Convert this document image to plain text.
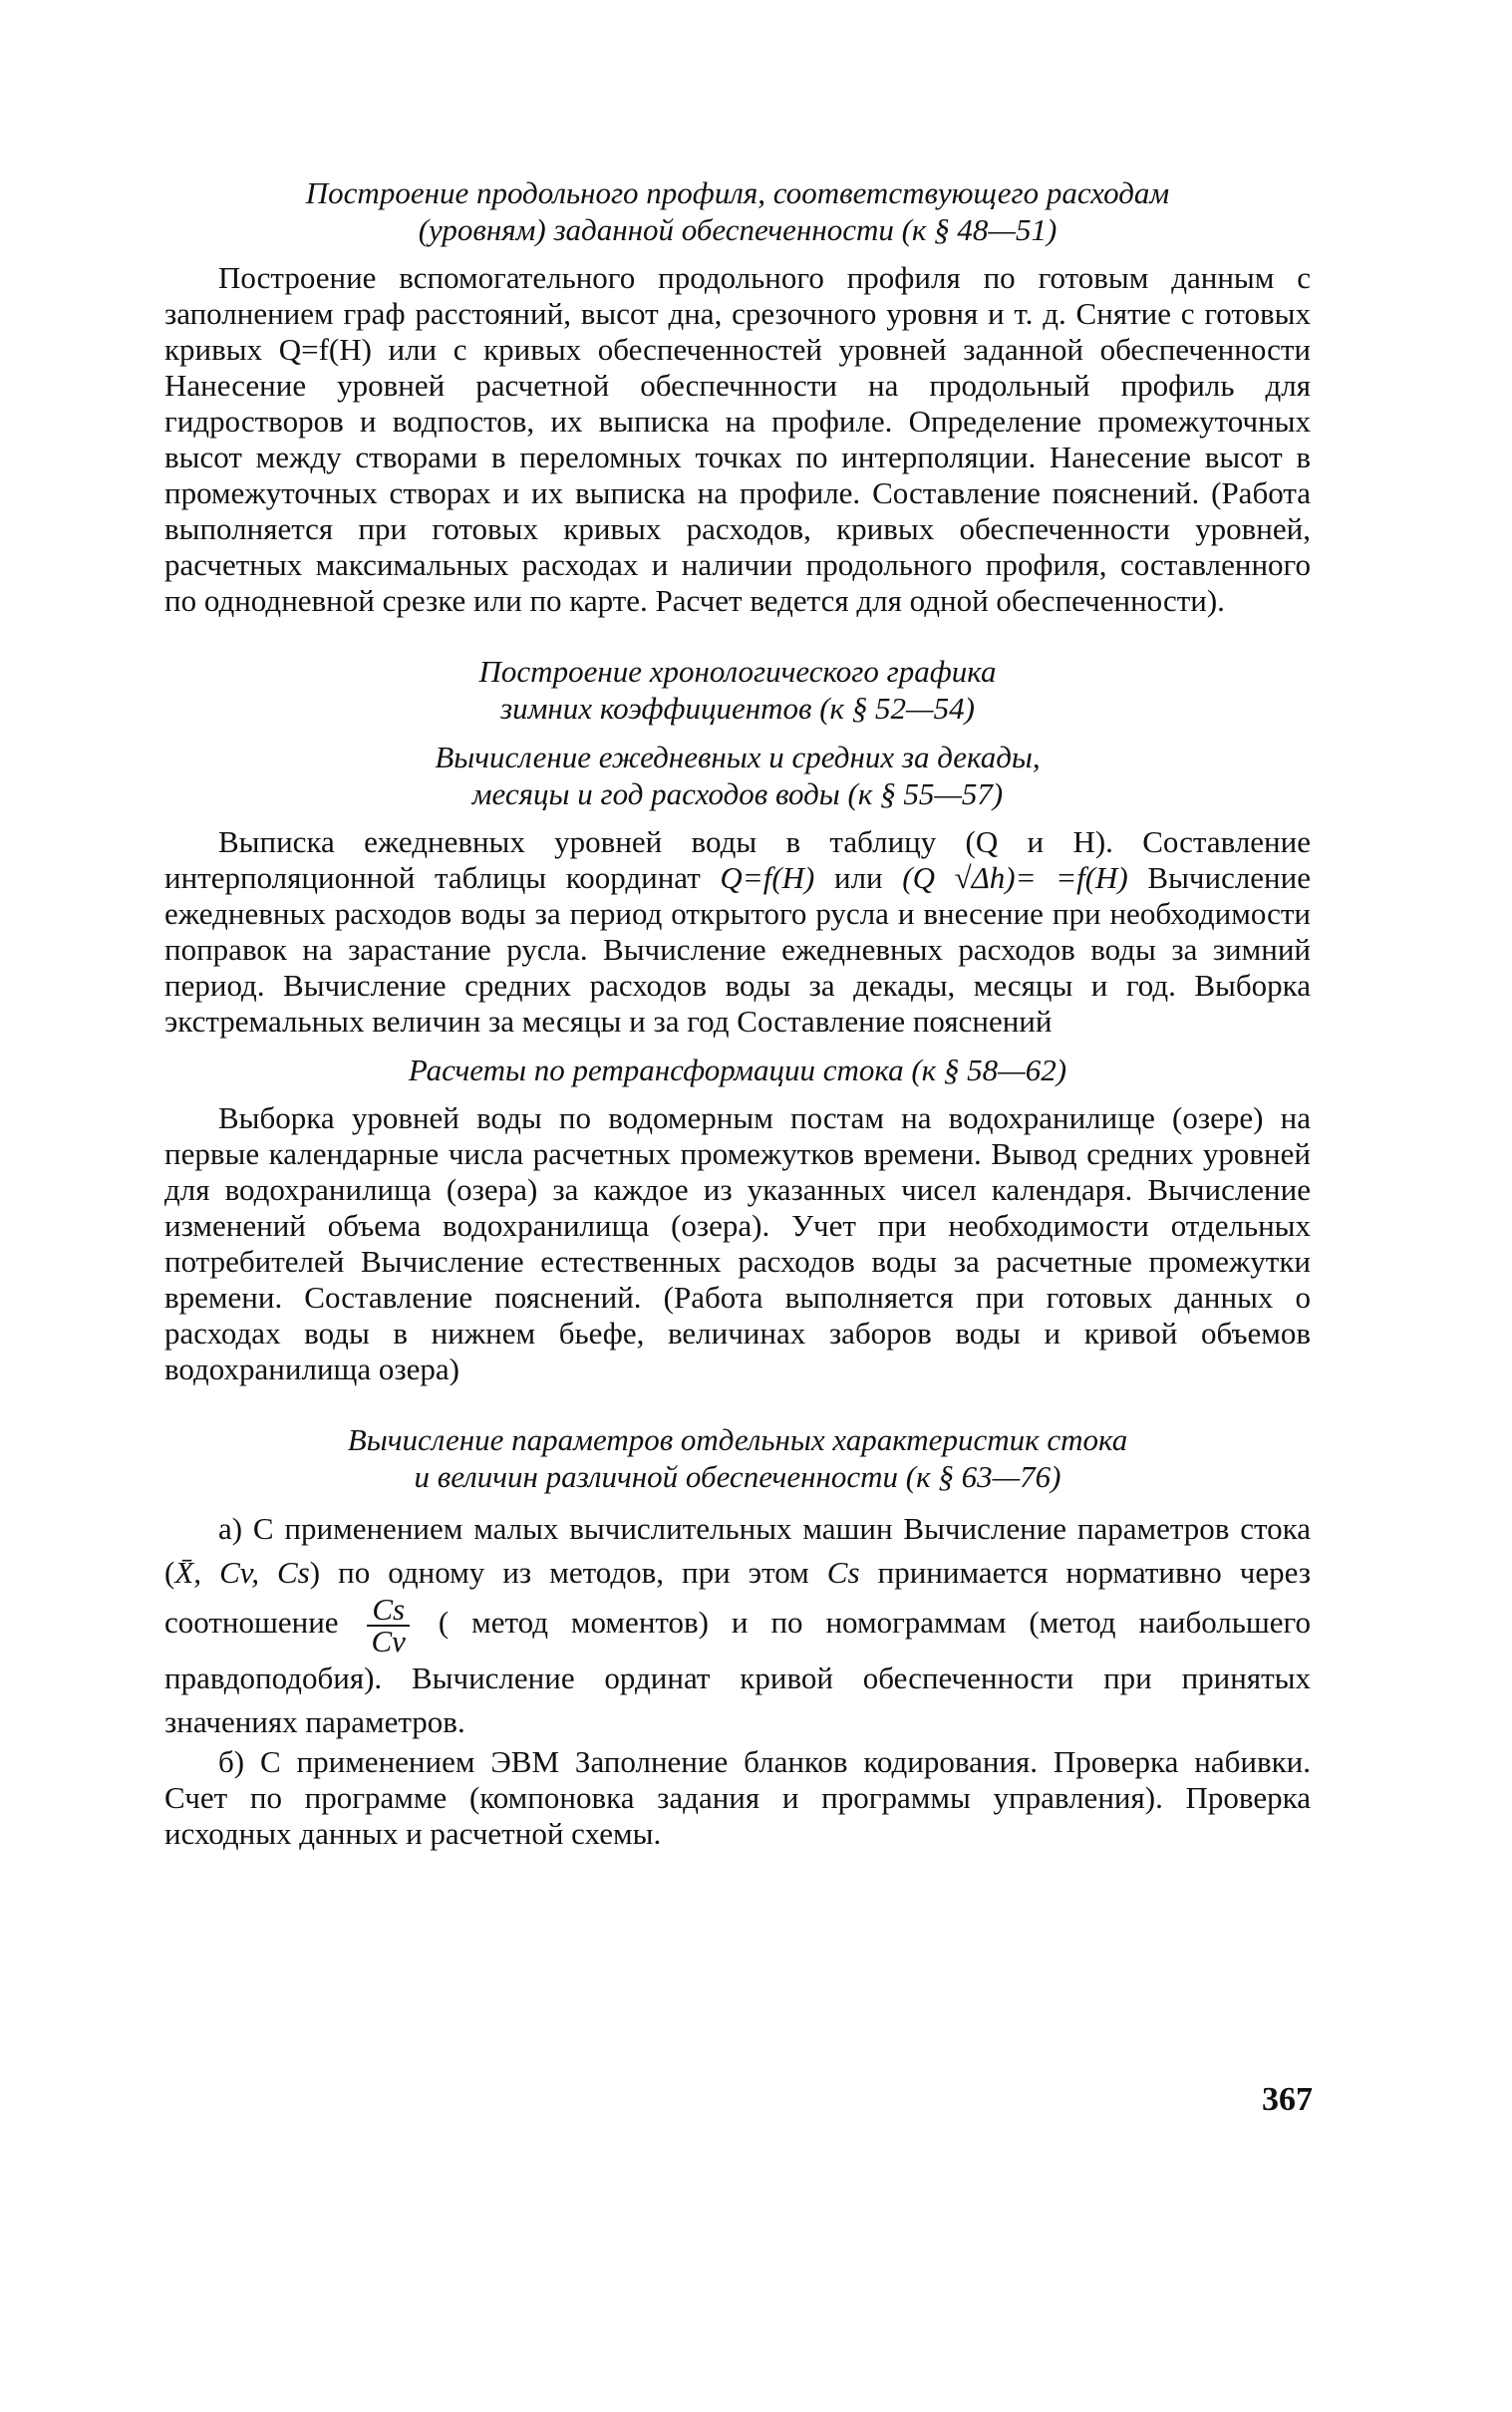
Построение продольного профиля, соответствующего расходам
(уровням) заданной обеспеченности (к § 48—51)

Построение вспомогательного продольного профиля по готовым данным с заполнением граф расстояний, высот дна, срезочного уровня и т. д. Снятие с готовых кривых Q=f(H) или с кривых обеспеченностей уровней заданной обеспеченности Нанесение уровней расчетной обеспечнности на продольный профиль для гидростворов и водпостов, их выписка на профиле. Определение промежуточных высот между створами в переломных точках по интерполяции. Нанесение высот в промежуточных створах и их выписка на профиле. Составление пояснений. (Работа выполняется при готовых кривых расходов, кривых обеспеченности уровней, расчетных максимальных расходах и наличии продольного профиля, составленного по однодневной срезке или по карте. Расчет ведется для одной обеспеченности).

Построение хронологического графика
зимних коэффициентов (к § 52—54)
Вычисление ежедневных и средних за декады,
месяцы и год расходов воды (к § 55—57)

Выписка ежедневных уровней воды в таблицу (Q и H). Составление интерполяционной таблицы координат Q=f(H) или (Q √Δh)= =f(H) Вычисление ежедневных расходов воды за период открытого русла и внесение при необходимости поправок на зарастание русла. Вычисление ежедневных расходов воды за зимний период. Вычисление средних расходов воды за декады, месяцы и год. Выборка экстремальных величин за месяцы и за год Составление пояснений

Расчеты по ретрансформации стока (к § 58—62)

Выборка уровней воды по водомерным постам на водохранилище (озере) на первые календарные числа расчетных промежутков времени. Вывод средних уровней для водохранилища (озера) за каждое из указанных чисел календаря. Вычисление изменений объема водохранилища (озера). Учет при необходимости отдельных потребителей Вычисление естественных расходов воды за расчетные промежутки времени. Составление пояснений. (Работа выполняется при готовых данных о расходах воды в нижнем бьефе, величинах заборов воды и кривой объемов водохранилища озера)

Вычисление параметров отдельных характеристик стока
и величин различной обеспеченности (к § 63—76)

а) С применением малых вычислительных машин Вычисление параметров стока (X̄, Cv, Cs) по одному из методов, при этом Cs принимается нормативно через соотношение $\frac{Cs}{Cv}$ ( метод моментов) и по номограммам (метод наибольшего правдоподобия). Вычисление ординат кривой обеспеченности при принятых значениях параметров.

б) С применением ЭВМ Заполнение бланков кодирования. Проверка набивки. Счет по программе (компоновка задания и программы управления). Проверка исходных данных и расчетной схемы.

367
